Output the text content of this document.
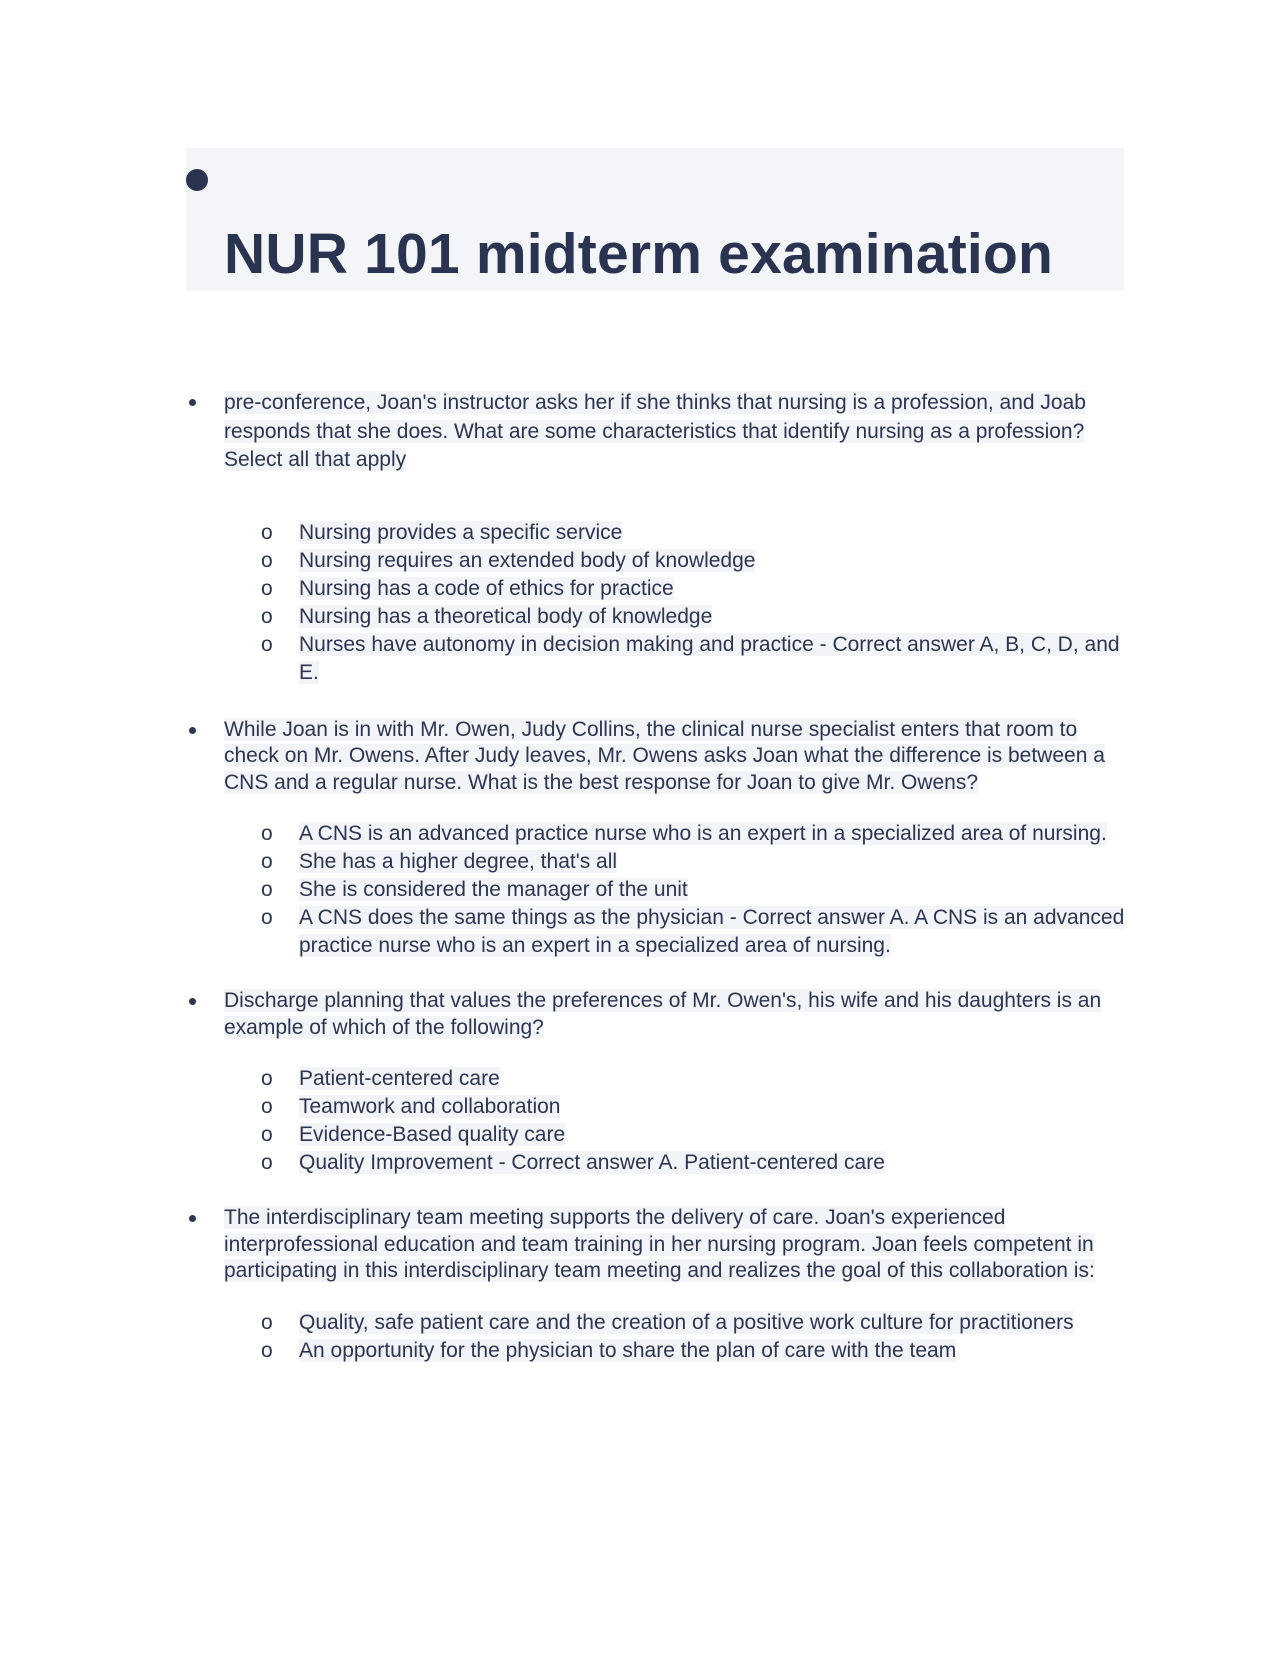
NUR 101 midterm examination

pre-conference, Joan's instructor asks her if she thinks that nursing is a profession, and Joab responds that she does. What are some characteristics that identify nursing as a profession? Select all that apply

o Nursing provides a specific service
o Nursing requires an extended body of knowledge
o Nursing has a code of ethics for practice
o Nursing has a theoretical body of knowledge
o Nurses have autonomy in decision making and practice - Correct answer A, B, C, D, and E.

While Joan is in with Mr. Owen, Judy Collins, the clinical nurse specialist enters that room to check on Mr. Owens. After Judy leaves, Mr. Owens asks Joan what the difference is between a CNS and a regular nurse. What is the best response for Joan to give Mr. Owens?

o A CNS is an advanced practice nurse who is an expert in a specialized area of nursing.
o She has a higher degree, that's all
o She is considered the manager of the unit
o A CNS does the same things as the physician - Correct answer A. A CNS is an advanced practice nurse who is an expert in a specialized area of nursing.

Discharge planning that values the preferences of Mr. Owen's, his wife and his daughters is an example of which of the following?

o Patient-centered care
o Teamwork and collaboration
o Evidence-Based quality care
o Quality Improvement - Correct answer A. Patient-centered care

The interdisciplinary team meeting supports the delivery of care. Joan's experienced interprofessional education and team training in her nursing program. Joan feels competent in participating in this interdisciplinary team meeting and realizes the goal of this collaboration is:

o Quality, safe patient care and the creation of a positive work culture for practitioners
o An opportunity for the physician to share the plan of care with the team
